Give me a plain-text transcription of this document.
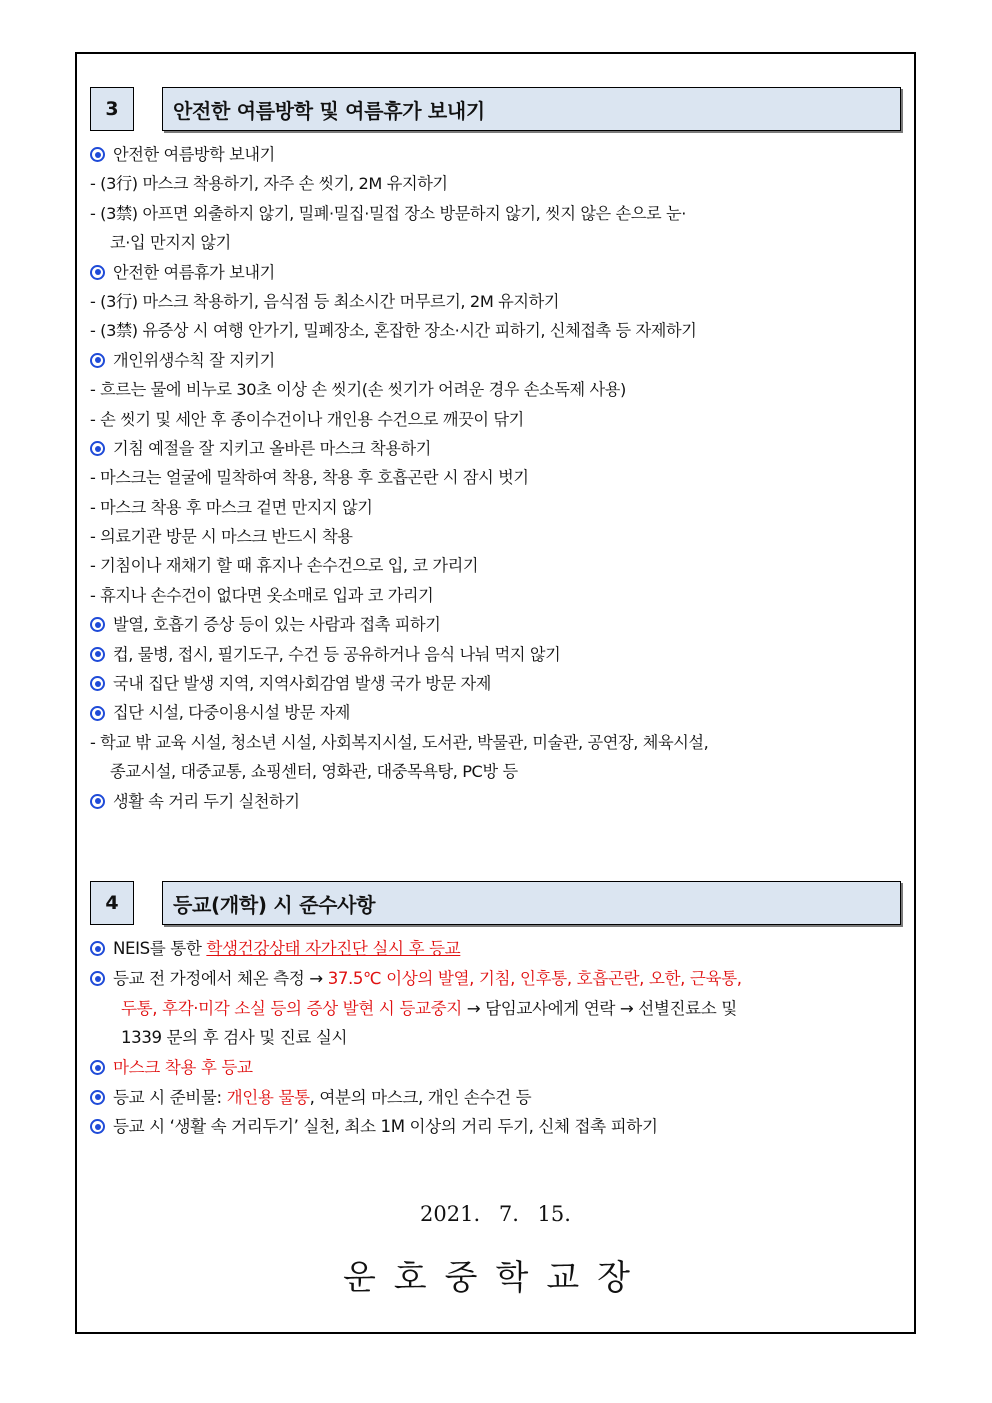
3	안전한 여름방학 및 여름휴가 보내기
안전한 여름방학 보내기
- (3行) 마스크 착용하기, 자주 손 씻기, 2M 유지하기
- (3禁) 아프면 외출하지 않기, 밀폐·밀집·밀접 장소 방문하지 않기, 씻지 않은 손으로 눈·
코·입 만지지 않기
안전한 여름휴가 보내기
- (3行) 마스크 착용하기, 음식점 등 최소시간 머무르기, 2M 유지하기
- (3禁) 유증상 시 여행 안가기, 밀폐장소, 혼잡한 장소·시간 피하기, 신체접촉 등 자제하기
개인위생수칙 잘 지키기
- 흐르는 물에 비누로 30초 이상 손 씻기(손 씻기가 어려운 경우 손소독제 사용)
- 손 씻기 및 세안 후 종이수건이나 개인용 수건으로 깨끗이 닦기
기침 예절을 잘 지키고 올바른 마스크 착용하기
- 마스크는 얼굴에 밀착하여 착용, 착용 후 호흡곤란 시 잠시 벗기
- 마스크 착용 후 마스크 겉면 만지지 않기
- 의료기관 방문 시 마스크 반드시 착용
- 기침이나 재채기 할 때 휴지나 손수건으로 입, 코 가리기
- 휴지나 손수건이 없다면 옷소매로 입과 코 가리기
발열, 호흡기 증상 등이 있는 사람과 접촉 피하기
컵, 물병, 접시, 필기도구, 수건 등 공유하거나 음식 나눠 먹지 않기
국내 집단 발생 지역, 지역사회감염 발생 국가 방문 자제
집단 시설, 다중이용시설 방문 자제
- 학교 밖 교육 시설, 청소년 시설, 사회복지시설, 도서관, 박물관, 미술관, 공연장, 체육시설,
종교시설, 대중교통, 쇼핑센터, 영화관, 대중목욕탕, PC방 등
생활 속 거리 두기 실천하기
4	등교(개학) 시 준수사항
NEIS를 통한 학생건강상태 자가진단 실시 후 등교
등교 전 가정에서 체온 측정 → 37.5℃ 이상의 발열, 기침, 인후통, 호흡곤란, 오한, 근육통,
두통, 후각·미각 소실 등의 증상 발현 시 등교중지 → 담임교사에게 연락 → 선별진료소 및
1339 문의 후 검사 및 진료 실시
마스크 착용 후 등교
등교 시 준비물: 개인용 물통 , 여분의 마스크, 개인 손수건 등
등교 시 ‘생활 속 거리두기’ 실천, 최소 1M 이상의 거리 두기, 신체 접촉 피하기
2021. 7. 15.
운호중학교장
